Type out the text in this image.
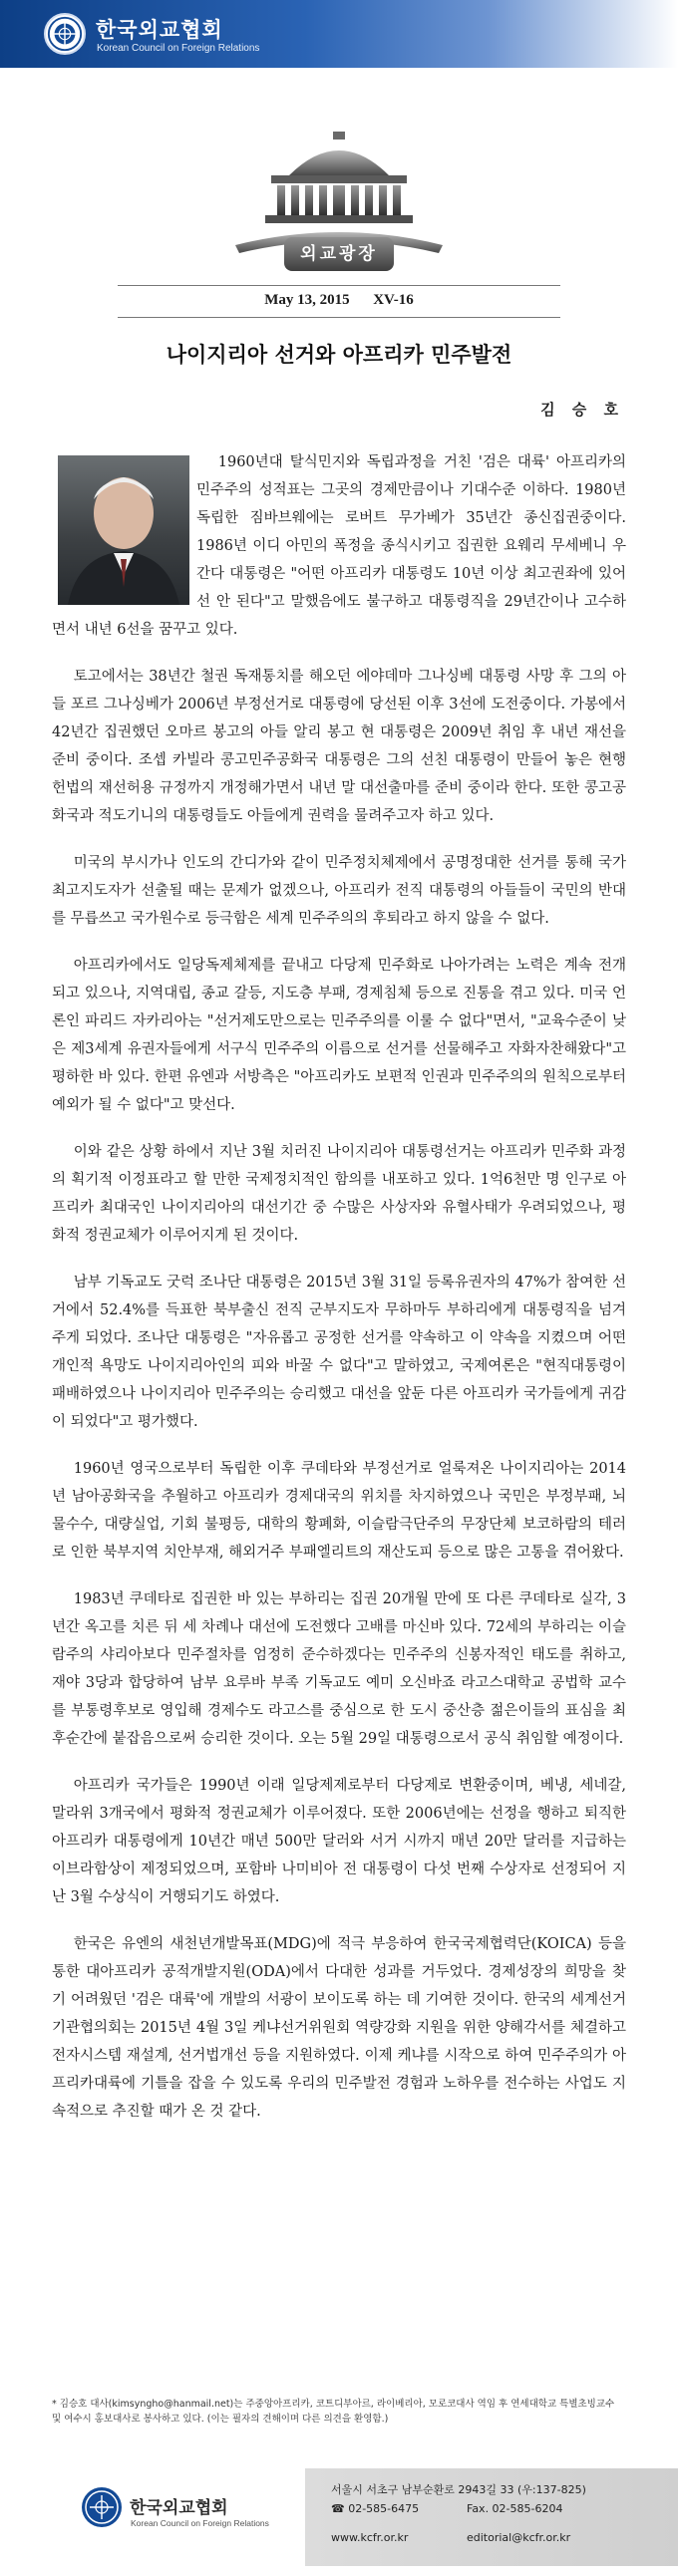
한국외교협회
Korean Council on Foreign Relations
외교광장
May 13, 2015 XV-16
나이지리아 선거와 아프리카 민주발전
김 승 호

1960년대 탈식민지와 독립과정을 거친 '검은 대륙' 아프리카의 민주주의 성적표는 그곳의 경제만큼이나 기대수준 이하다. 1980년 독립한 짐바브웨에는 로버트 무가베가 35년간 종신집권중이다. 1986년 이디 아민의 폭정을 종식시키고 집권한 요웨리 무세베니 우간다 대통령은 "어떤 아프리카 대통령도 10년 이상 최고권좌에 있어선 안 된다"고 말했음에도 불구하고 대통령직을 29년간이나 고수하면서 내년 6선을 꿈꾸고 있다.

토고에서는 38년간 철권 독재통치를 해오던 에야데마 그나싱베 대통령 사망 후 그의 아들 포르 그나싱베가 2006년 부정선거로 대통령에 당선된 이후 3선에 도전중이다. 가봉에서 42년간 집권했던 오마르 봉고의 아들 알리 봉고 현 대통령은 2009년 취임 후 내년 재선을 준비 중이다. 조셉 카빌라 콩고민주공화국 대통령은 그의 선친 대통령이 만들어 놓은 현행 헌법의 재선허용 규정까지 개정해가면서 내년 말 대선출마를 준비 중이라 한다. 또한 콩고공화국과 적도기니의 대통령들도 아들에게 권력을 물려주고자 하고 있다.

미국의 부시가나 인도의 간디가와 같이 민주정치체제에서 공명정대한 선거를 통해 국가최고지도자가 선출될 때는 문제가 없겠으나, 아프리카 전직 대통령의 아들들이 국민의 반대를 무릅쓰고 국가원수로 등극함은 세계 민주주의의 후퇴라고 하지 않을 수 없다.

아프리카에서도 일당독제체제를 끝내고 다당제 민주화로 나아가려는 노력은 계속 전개되고 있으나, 지역대립, 종교 갈등, 지도층 부패, 경제침체 등으로 진통을 겪고 있다. 미국 언론인 파리드 자카리아는 "선거제도만으로는 민주주의를 이룰 수 없다"면서, "교육수준이 낮은 제3세계 유권자들에게 서구식 민주주의 이름으로 선거를 선물해주고 자화자찬해왔다"고 평하한 바 있다. 한편 유엔과 서방측은 "아프리카도 보편적 인권과 민주주의의 원칙으로부터 예외가 될 수 없다"고 맞선다.

이와 같은 상황 하에서 지난 3월 치러진 나이지리아 대통령선거는 아프리카 민주화 과정의 획기적 이정표라고 할 만한 국제정치적인 함의를 내포하고 있다. 1억6천만 명 인구로 아프리카 최대국인 나이지리아의 대선기간 중 수많은 사상자와 유혈사태가 우려되었으나, 평화적 정권교체가 이루어지게 된 것이다.

남부 기독교도 굿럭 조나단 대통령은 2015년 3월 31일 등록유권자의 47%가 참여한 선거에서 52.4%를 득표한 북부출신 전직 군부지도자 무하마두 부하리에게 대통령직을 넘겨주게 되었다. 조나단 대통령은 "자유롭고 공정한 선거를 약속하고 이 약속을 지켰으며 어떤 개인적 욕망도 나이지리아인의 피와 바꿀 수 없다"고 말하였고, 국제여론은 "현직대통령이 패배하였으나 나이지리아 민주주의는 승리했고 대선을 앞둔 다른 아프리카 국가들에게 귀감이 되었다"고 평가했다.

1960년 영국으로부터 독립한 이후 쿠데타와 부정선거로 얼룩져온 나이지리아는 2014년 남아공화국을 추월하고 아프리카 경제대국의 위치를 차지하였으나 국민은 부정부패, 뇌물수수, 대량실업, 기회 불평등, 대학의 황폐화, 이슬람극단주의 무장단체 보코하람의 테러로 인한 북부지역 치안부재, 해외거주 부패엘리트의 재산도피 등으로 많은 고통을 겪어왔다.

1983년 쿠데타로 집권한 바 있는 부하리는 집권 20개월 만에 또 다른 쿠데타로 실각, 3년간 옥고를 치른 뒤 세 차례나 대선에 도전했다 고배를 마신바 있다. 72세의 부하리는 이슬람주의 샤리아보다 민주절차를 엄정히 준수하겠다는 민주주의 신봉자적인 태도를 취하고, 재야 3당과 합당하여 남부 요루바 부족 기독교도 예미 오신바죠 라고스대학교 공법학 교수를 부통령후보로 영입해 경제수도 라고스를 중심으로 한 도시 중산층 젊은이들의 표심을 최후순간에 붙잡음으로써 승리한 것이다. 오는 5월 29일 대통령으로서 공식 취임할 예정이다.

아프리카 국가들은 1990년 이래 일당제제로부터 다당제로 변환중이며, 베냉, 세네갈, 말라위 3개국에서 평화적 정권교체가 이루어졌다. 또한 2006년에는 선정을 행하고 퇴직한 아프리카 대통령에게 10년간 매년 500만 달러와 서거 시까지 매년 20만 달러를 지급하는 이브라함상이 제정되었으며, 포함바 나미비아 전 대통령이 다섯 번째 수상자로 선정되어 지난 3월 수상식이 거행되기도 하였다.

한국은 유엔의 새천년개발목표(MDG)에 적극 부응하여 한국국제협력단(KOICA) 등을 통한 대아프리카 공적개발지원(ODA)에서 다대한 성과를 거두었다. 경제성장의 희망을 찾기 어려웠던 '검은 대륙'에 개발의 서광이 보이도록 하는 데 기여한 것이다. 한국의 세계선거기관협의회는 2015년 4월 3일 케냐선거위원회 역량강화 지원을 위한 양해각서를 체결하고 전자시스템 재설계, 선거법개선 등을 지원하였다. 이제 케냐를 시작으로 하여 민주주의가 아프리카대륙에 기틀을 잡을 수 있도록 우리의 민주발전 경험과 노하우를 전수하는 사업도 지속적으로 추진할 때가 온 것 같다.

* 김승호 대사(kimsyngho@hanmail.net)는 주중앙아프리카, 코트디부아르, 라이베리아, 모로코대사 역임 후 연세대학교 특별초빙교수 및 여수시 홍보대사로 봉사하고 있다. (이는 필자의 견해이며 다른 의견을 환영함.)
한국외교협회
Korean Council on Foreign Relations
서울시 서초구 남부순환로 2943길 33 (우:137-825)
☎ 02-585-6475	Fax. 02-585-6204
www.kcfr.or.kr	editorial@kcfr.or.kr
